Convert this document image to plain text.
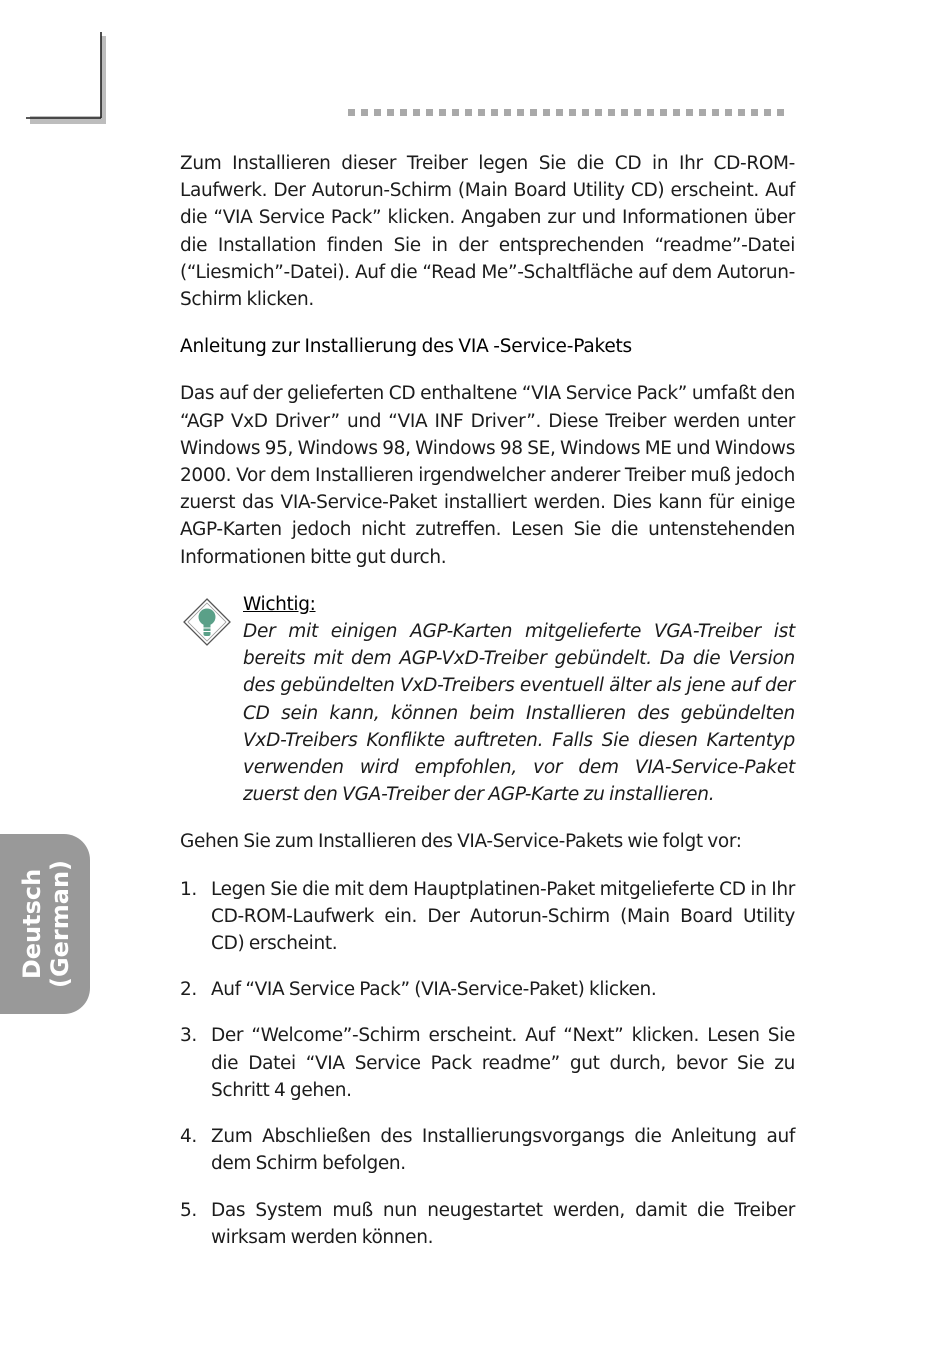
Zum Installieren dieser Treiber legen Sie die CD in Ihr CD-ROM-Laufwerk. Der Autorun-Schirm (Main Board Utility CD) erscheint. Auf die “VIA Service Pack” klicken. Angaben zur und Informationen über die Installation finden Sie in der entsprechenden “readme”-Datei (“Liesmich”-Datei). Auf die “Read Me”-Schaltfläche auf dem Autorun-Schirm klicken.

Anleitung zur Installierung des VIA -Service-Pakets

Das auf der gelieferten CD enthaltene “VIA Service Pack” umfaßt den “AGP VxD Driver” und “VIA INF Driver”. Diese Treiber werden unter Windows 95, Windows 98, Windows 98 SE, Windows ME und Windows 2000. Vor dem Installieren irgendwelcher anderer Treiber muß jedoch zuerst das VIA-Service-Paket installiert werden. Dies kann für einige AGP-Karten jedoch nicht zutreffen. Lesen Sie die untenstehenden Informationen bitte gut durch.

Wichtig:
Der mit einigen AGP-Karten mitgelieferte VGA-Treiber ist bereits mit dem AGP-VxD-Treiber gebündelt. Da die Version des gebündelten VxD-Treibers eventuell älter als jene auf der CD sein kann, können beim Installieren des gebündelten VxD-Treibers Konflikte auftreten. Falls Sie diesen Kartentyp verwenden wird empfohlen, vor dem VIA-Service-Paket zuerst den VGA-Treiber der AGP-Karte zu installieren.

Gehen Sie zum Installieren des VIA-Service-Pakets wie folgt vor:

1. Legen Sie die mit dem Hauptplatinen-Paket mitgelieferte CD in Ihr CD-ROM-Laufwerk ein. Der Autorun-Schirm (Main Board Utility CD) erscheint.
2. Auf “VIA Service Pack” (VIA-Service-Paket) klicken.
3. Der “Welcome”-Schirm erscheint. Auf “Next” klicken. Lesen Sie die Datei “VIA Service Pack readme” gut durch, bevor Sie zu Schritt 4 gehen.
4. Zum Abschließen des Installierungsvorgangs die Anleitung auf dem Schirm befolgen.
5. Das System muß nun neugestartet werden, damit die Treiber wirksam werden können.
Deutsch (German)
